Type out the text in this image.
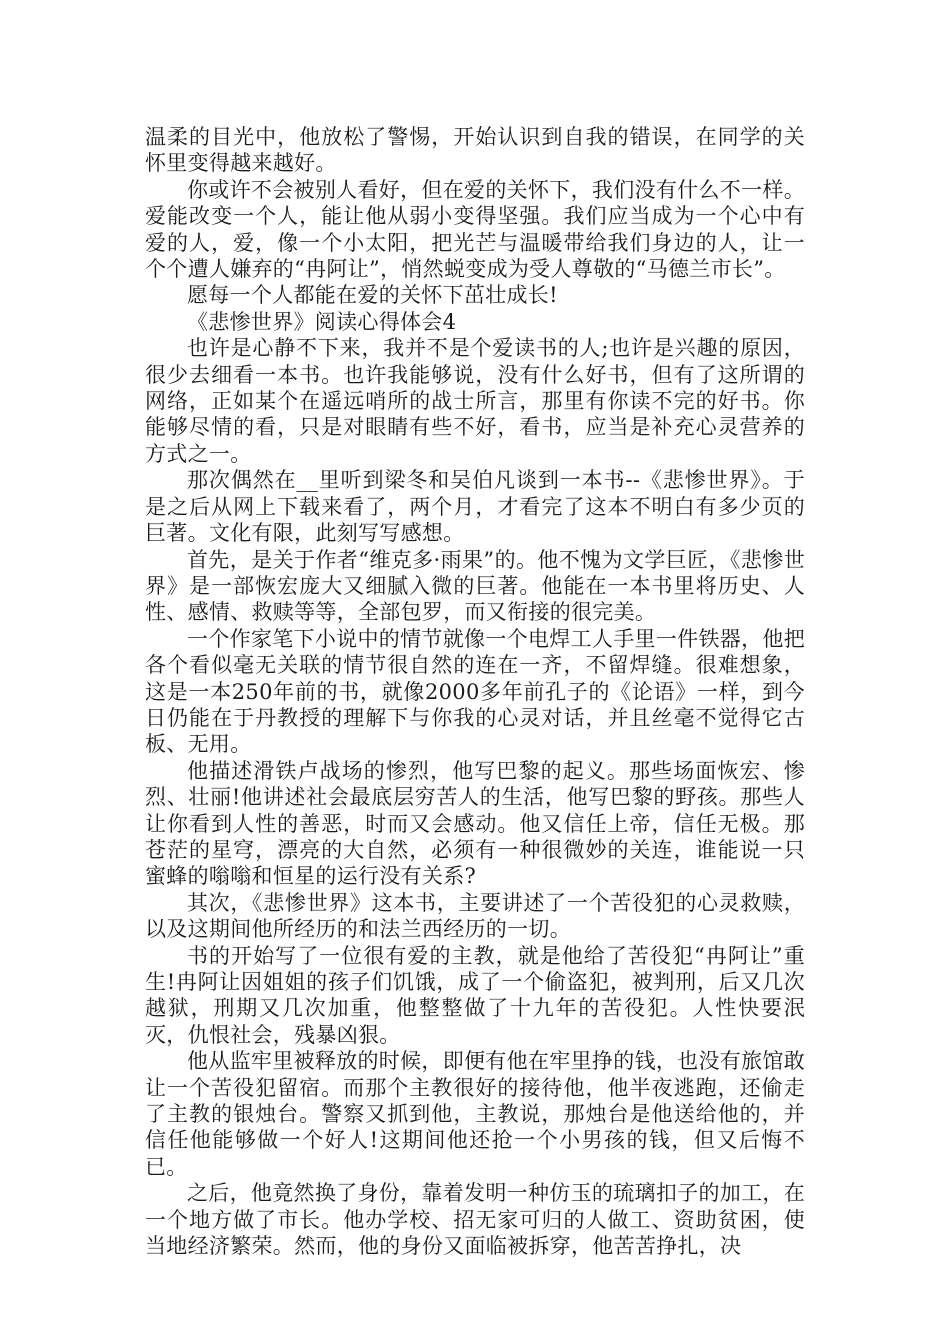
温柔的目光中，他放松了警惕，开始认识到自我的错误，在同学的关怀里变得越来越好。

你或许不会被别人看好，但在爱的关怀下，我们没有什么不一样。爱能改变一个人，能让他从弱小变得坚强。我们应当成为一个心中有爱的人，爱，像一个小太阳，把光芒与温暖带给我们身边的人，让一个个遭人嫌弃的“冉阿让”，悄然蜕变成为受人尊敬的“马德兰市长”。

愿每一个人都能在爱的关怀下茁壮成长!

《悲惨世界》阅读心得体会4

也许是心静不下来，我并不是个爱读书的人;也许是兴趣的原因，很少去细看一本书。也许我能够说，没有什么好书，但有了这所谓的网络，正如某个在遥远哨所的战士所言，那里有你读不完的好书。你能够尽情的看，只是对眼睛有些不好，看书，应当是补充心灵营养的方式之一。

那次偶然在__里听到梁冬和吴伯凡谈到一本书--《悲惨世界》。于是之后从网上下载来看了，两个月，才看完了这本不明白有多少页的巨著。文化有限，此刻写写感想。

首先，是关于作者“维克多·雨果”的。他不愧为文学巨匠，《悲惨世界》是一部恢宏庞大又细腻入微的巨著。他能在一本书里将历史、人性、感情、救赎等等，全部包罗，而又衔接的很完美。

一个作家笔下小说中的情节就像一个电焊工人手里一件铁器，他把各个看似毫无关联的情节很自然的连在一齐，不留焊缝。很难想象，这是一本250年前的书，就像2000多年前孔子的《论语》一样，到今日仍能在于丹教授的理解下与你我的心灵对话，并且丝毫不觉得它古板、无用。

他描述滑铁卢战场的惨烈，他写巴黎的起义。那些场面恢宏、惨烈、壮丽!他讲述社会最底层穷苦人的生活，他写巴黎的野孩。那些人让你看到人性的善恶，时而又会感动。他又信任上帝，信任无极。那苍茫的星穹，漂亮的大自然，必须有一种很微妙的关连，谁能说一只蜜蜂的嗡嗡和恒星的运行没有关系?

其次，《悲惨世界》这本书，主要讲述了一个苦役犯的心灵救赎，以及这期间他所经历的和法兰西经历的一切。

书的开始写了一位很有爱的主教，就是他给了苦役犯“冉阿让”重生!冉阿让因姐姐的孩子们饥饿，成了一个偷盗犯，被判刑，后又几次越狱，刑期又几次加重，他整整做了十九年的苦役犯。人性快要泯灭，仇恨社会，残暴凶狠。

他从监牢里被释放的时候，即便有他在牢里挣的钱，也没有旅馆敢让一个苦役犯留宿。而那个主教很好的接待他，他半夜逃跑，还偷走了主教的银烛台。警察又抓到他，主教说，那烛台是他送给他的，并信任他能够做一个好人!这期间他还抢一个小男孩的钱，但又后悔不已。

之后，他竟然换了身份，靠着发明一种仿玉的琉璃扣子的加工，在一个地方做了市长。他办学校、招无家可归的人做工、资助贫困，使当地经济繁荣。然而，他的身份又面临被拆穿，他苦苦挣扎，决
